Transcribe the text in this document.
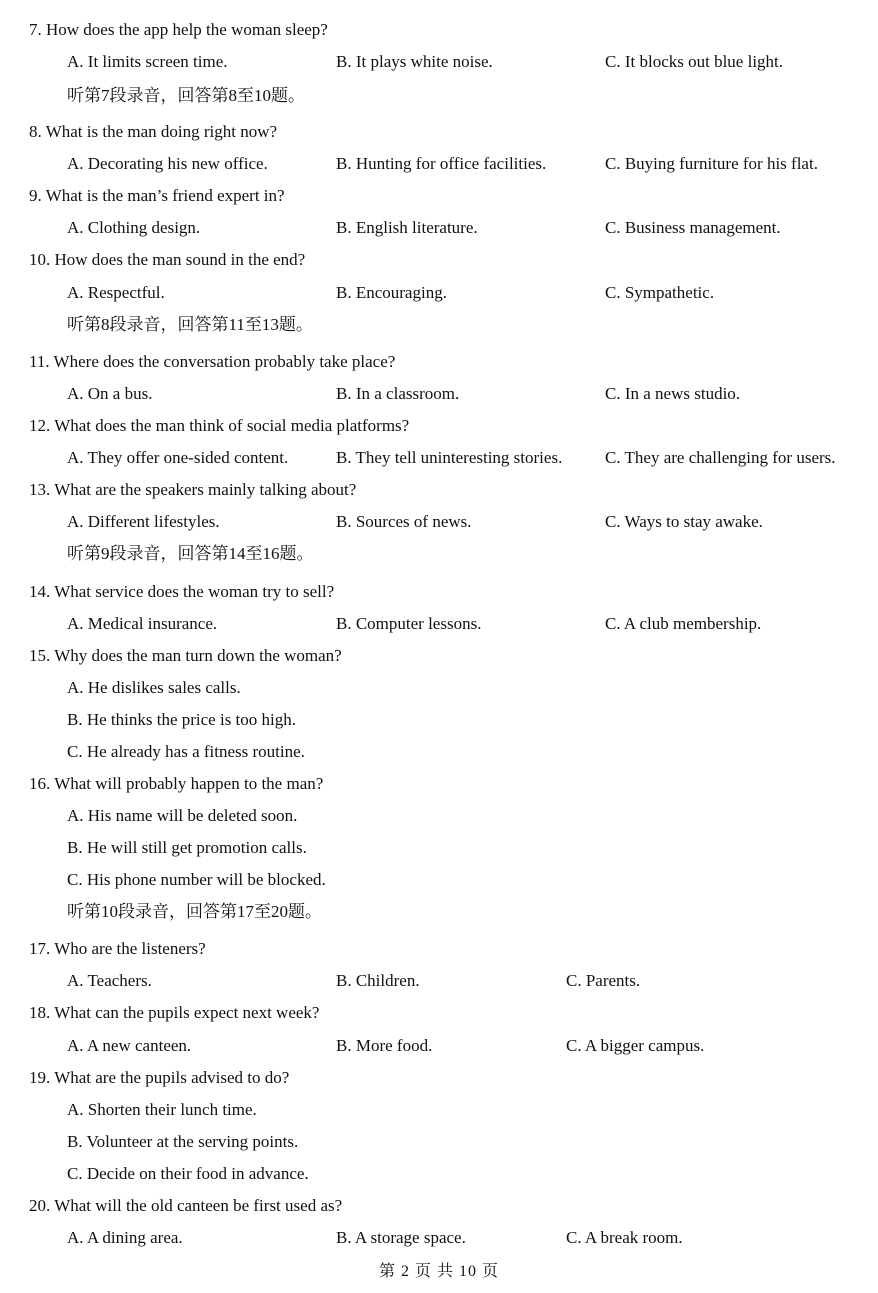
7. How does the app help the woman sleep?
A. It limits screen time.	B. It plays white noise.	C. It blocks out blue light.
听第7段录音，回答第8至10题。
8. What is the man doing right now?
A. Decorating his new office.	B. Hunting for office facilities.	C. Buying furniture for his flat.
9. What is the man’s friend expert in?
A. Clothing design.	B. English literature.	C. Business management.
10. How does the man sound in the end?
A. Respectful.	B. Encouraging.	C. Sympathetic.
听第8段录音，回答第11至13题。
11. Where does the conversation probably take place?
A. On a bus.	B. In a classroom.	C. In a news studio.
12. What does the man think of social media platforms?
A. They offer one-sided content.	B. They tell uninteresting stories.	C. They are challenging for users.
13. What are the speakers mainly talking about?
A. Different lifestyles.	B. Sources of news.	C. Ways to stay awake.
听第9段录音，回答第14至16题。
14. What service does the woman try to sell?
A. Medical insurance.	B. Computer lessons.	C. A club membership.
15. Why does the man turn down the woman?
A. He dislikes sales calls.
B. He thinks the price is too high.
C. He already has a fitness routine.
16. What will probably happen to the man?
A. His name will be deleted soon.
B. He will still get promotion calls.
C. His phone number will be blocked.
听第10段录音，回答第17至20题。
17. Who are the listeners?
A. Teachers.	B. Children.	C. Parents.
18. What can the pupils expect next week?
A. A new canteen.	B. More food.	C. A bigger campus.
19. What are the pupils advised to do?
A. Shorten their lunch time.
B. Volunteer at the serving points.
C. Decide on their food in advance.
20. What will the old canteen be first used as?
A. A dining area.	B. A storage space.	C. A break room.
第 2 页 共 10 页
